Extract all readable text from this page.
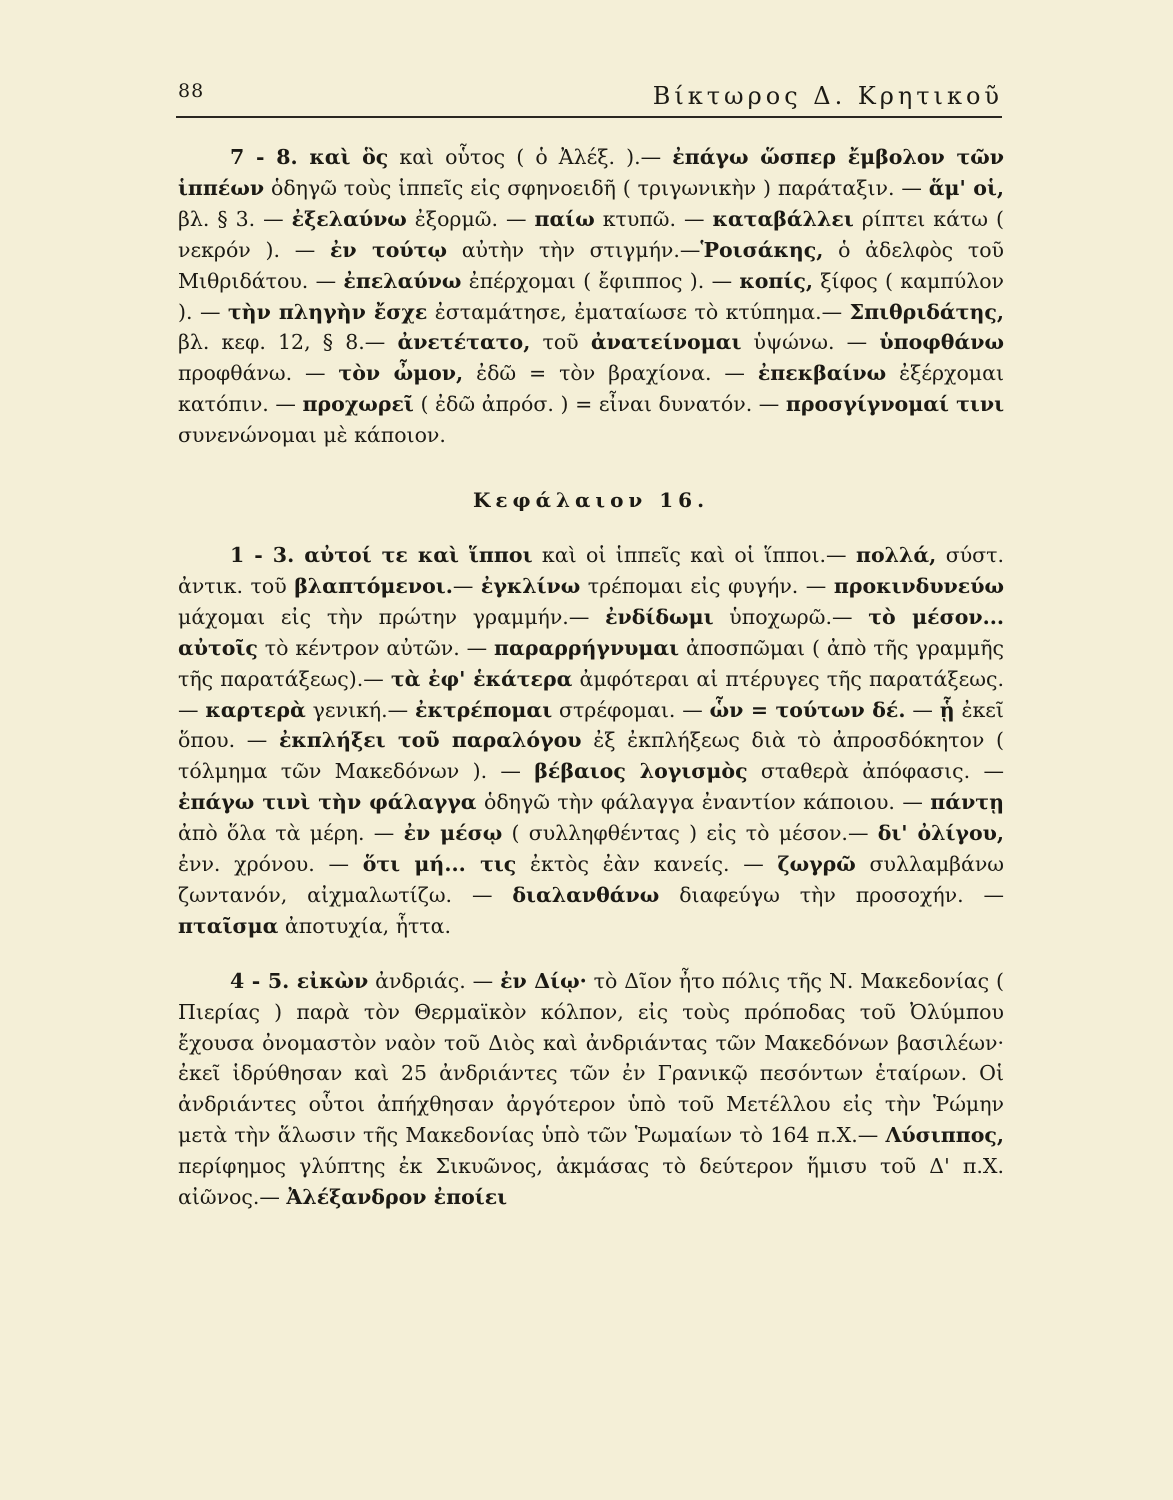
88	Βίκτωρος Δ. Κρητικοῦ

7 - 8. καὶ ὃς καὶ οὗτος ( ὁ Ἀλέξ. ).— ἐπάγω ὥσπερ ἔμβολον τῶν ἱππέων ὁδηγῶ τοὺς ἱππεῖς εἰς σφηνοειδῆ ( τριγωνικὴν ) παράταξιν. — ἅμ' οἱ, βλ. § 3. — ἐξελαύνω ἐξορμῶ. — παίω κτυπῶ. — καταβάλλει ρίπτει κάτω ( νεκρόν ). — ἐν τούτῳ αὐτὴν τὴν στιγμήν.—Ῥοισάκης, ὁ ἀδελφὸς τοῦ Μιθριδάτου. — ἐπελαύνω ἐπέρχομαι ( ἔφιππος ). — κοπίς, ξίφος ( καμπύλον ). — τὴν πληγὴν ἔσχε ἐσταμάτησε, ἐματαίωσε τὸ κτύπημα.— Σπιθριδάτης, βλ. κεφ. 12, § 8.— ἀνετέτατο, τοῦ ἀνατείνομαι ὑψώνω. — ὑποφθάνω προφθάνω. — τὸν ὦμον, ἐδῶ = τὸν βραχίονα. — ἐπεκβαίνω ἐξέρχομαι κατόπιν. — προχωρεῖ ( ἐδῶ ἀπρόσ. ) = εἶναι δυνατόν. — προσγίγνομαί τινι συνενώνομαι μὲ κάποιον.

Κεφάλαιον 16.

1 - 3. αὐτοί τε καὶ ἵπποι καὶ οἱ ἱππεῖς καὶ οἱ ἵπποι.— πολλά, σύστ. ἀντικ. τοῦ βλαπτόμενοι.— ἐγκλίνω τρέπομαι εἰς φυγήν. — προκινδυνεύω μάχομαι εἰς τὴν πρώτην γραμμήν.— ἐνδίδωμι ὑποχωρῶ.— τὸ μέσον... αὐτοῖς τὸ κέντρον αὐτῶν. — παραρρήγνυμαι ἀποσπῶμαι ( ἀπὸ τῆς γραμμῆς τῆς παρατάξεως).— τὰ ἐφ' ἑκάτερα ἀμφότεραι αἱ πτέρυγες τῆς παρατάξεως. — καρτερὰ γενική.— ἐκτρέπομαι στρέφομαι. — ὧν = τούτων δέ. — ᾗ ἐκεῖ ὅπου. — ἐκπλήξει τοῦ παραλόγου ἐξ ἐκπλήξεως διὰ τὸ ἀπροσδόκητον ( τόλμημα τῶν Μακεδόνων ). — βέβαιος λογισμὸς σταθερὰ ἀπόφασις. — ἐπάγω τινὶ τὴν φάλαγγα ὁδηγῶ τὴν φάλαγγα ἐναντίον κάποιου. — πάντῃ ἀπὸ ὅλα τὰ μέρη. — ἐν μέσῳ ( συλληφθέντας ) εἰς τὸ μέσον.— δι' ὀλίγου, ἐνν. χρόνου. — ὅτι μή... τις ἐκτὸς ἐὰν κανείς. — ζωγρῶ συλλαμβάνω ζωντανόν, αἰχμαλωτίζω. — διαλανθάνω διαφεύγω τὴν προσοχήν. — πταῖσμα ἀποτυχία, ἧττα.

4 - 5. εἰκὼν ἀνδριάς. — ἐν Δίῳ· τὸ Δῖον ἦτο πόλις τῆς Ν. Μακεδονίας ( Πιερίας ) παρὰ τὸν Θερμαϊκὸν κόλπον, εἰς τοὺς πρόποδας τοῦ Ὀλύμπου ἔχουσα ὀνομαστὸν ναὸν τοῦ Διὸς καὶ ἀνδριάντας τῶν Μακεδόνων βασιλέων· ἐκεῖ ἱδρύθησαν καὶ 25 ἀνδριάντες τῶν ἐν Γρανικῷ πεσόντων ἑταίρων. Οἱ ἀνδριάντες οὗτοι ἀπήχθησαν ἀργότερον ὑπὸ τοῦ Μετέλλου εἰς τὴν Ῥώμην μετὰ τὴν ἅλωσιν τῆς Μακεδονίας ὑπὸ τῶν Ῥωμαίων τὸ 164 π.Χ.— Λύσιππος, περίφημος γλύπτης ἐκ Σικυῶνος, ἀκμάσας τὸ δεύτερον ἥμισυ τοῦ Δ' π.Χ. αἰῶνος.— Ἀλέξανδρον ἐποίει
